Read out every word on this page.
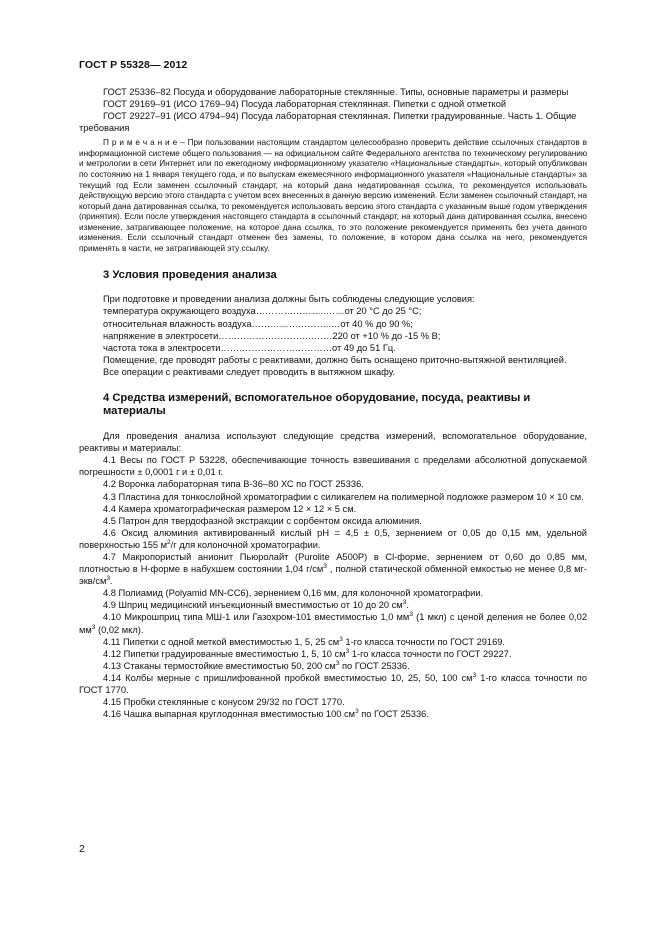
ГОСТ Р 55328— 2012

ГОСТ 25336–82 Посуда и оборудование лабораторные стеклянные. Типы, основные параметры и размеры

ГОСТ 29169–91 (ИСО 1769–94) Посуда лабораторная стеклянная. Пипетки с одной отметкой

ГОСТ 29227–91 (ИСО 4794–94) Посуда лабораторная стеклянная. Пипетки градуированные. Часть 1. Общие требования

П р и м е ч а н и е – При пользовании настоящим стандартом целесообразно проверить действие ссылочных стандартов в информационной системе общего пользования — на официальном сайте Федерального агентства по техническому регулированию и метрологии в сети Интернет или по ежегодному информационному указателю «Национальные стандарты», который опубликован по состоянию на 1 января текущего года, и по выпускам ежемесячного информационного указателя «Национальные стандарты» за текущий год Если заменен ссылочный стандарт, на который дана недатированная ссылка, то рекомендуется использовать действующую версию этого стандарта с учетом всех внесенных в данную версию изменений. Если заменен ссылочный стандарт, на который дана датированная ссылка, то рекомендуется использовать версию этого стандарта с указанным выше годом утверждения (принятия). Если после утверждения настоящего стандарта в ссылочный стандарт, на который дана датированная ссылка, внесено изменение, затрагивающее положение, на которое дана ссылка, то это положение рекомендуется применять без учета данного изменения. Если ссылочный стандарт отменен без замены, то положение, в котором дана ссылка на него, рекомендуется применять в части, не затрагивающей эту ссылку.

3 Условия проведения анализа

При подготовке и проведении анализа должны быть соблюдены следующие условия:

температура окружающего воздуха …………………..…… от 20 °С до 25 °С;
относительная влажность воздуха ……………………..… от 40 % до 90 %;
напряжение в электросети ………………………….…… 220 от +10 % до -15 % В;
частота тока в электросети ……………………………… от 49 до 51 Гц.

Помещение, где проводят работы с реактивами, должно быть оснащено приточно-вытяжной вентиляцией.

Все операции с реактивами следует проводить в вытяжном шкафу.

4 Средства измерений, вспомогательное оборудование, посуда, реактивы и материалы

Для проведения анализа используют следующие средства измерений, вспомогательное оборудование, реактивы и материалы:

4.1 Весы по ГОСТ Р 53228, обеспечивающие точность взвешивания с пределами абсолютной допускаемой погрешности ± 0,0001 г и ± 0,01 г.

4.2 Воронка лабораторная типа В-36–80 ХС по ГОСТ 25336.

4.3 Пластина для тонкослойной хроматографии с силикагелем на полимерной подложке размером 10 × 10 см.

4.4 Камера хроматографическая размером 12 × 12 × 5 см.

4.5 Патрон для твердофазной экстракции с сорбентом оксида алюминия.

4.6 Оксид алюминия активированный кислый рН = 4,5 ± 0,5, зернением от 0,05 до 0,15 мм, удельной поверхностью 155 $м^2/г$ для колоночной хроматографии.

4.7 Макропористый анионит Пьюролайт (Purolite А500Р) в Cl-форме, зернением от 0,60 до 0,85 мм, плотностью в Н-форме в набухшем состоянии 1,04 $г/см^3$ , полной статической обменной емкостью не менее 0,8 $мг-экв/см^3$.

4.8 Полиамид (Polyamid MN-CC6), зернением 0,16 мм, для колоночной хроматографии.

4.9 Шприц медицинский инъекционный вместимостью от 10 до 20 $см^3$.

4.10 Микрошприц типа МШ-1 или Газохром-101 вместимостью 1,0 $мм^3$ (1 мкл) с ценой деления не более 0,02 $мм^3$ (0,02 мкл).

4.11 Пипетки с одной меткой вместимостью 1, 5, 25 $см^3$ 1-го класса точности по ГОСТ 29169.

4.12 Пипетки градуированные вместимостью 1, 5, 10 $см^3$ 1-го класса точности по ГОСТ 29227.

4.13 Стаканы термостойкие вместимостью 50, 200 $см^3$ по ГОСТ 25336.

4.14 Колбы мерные с пришлифованной пробкой вместимостью 10, 25, 50, 100 $см^3$ 1-го класса точности по ГОСТ 1770.

4.15 Пробки стеклянные с конусом 29/32 по ГОСТ 1770.

4.16 Чашка выпарная круглодонная вместимостью 100 $см^3$ по ГОСТ 25336.

2
